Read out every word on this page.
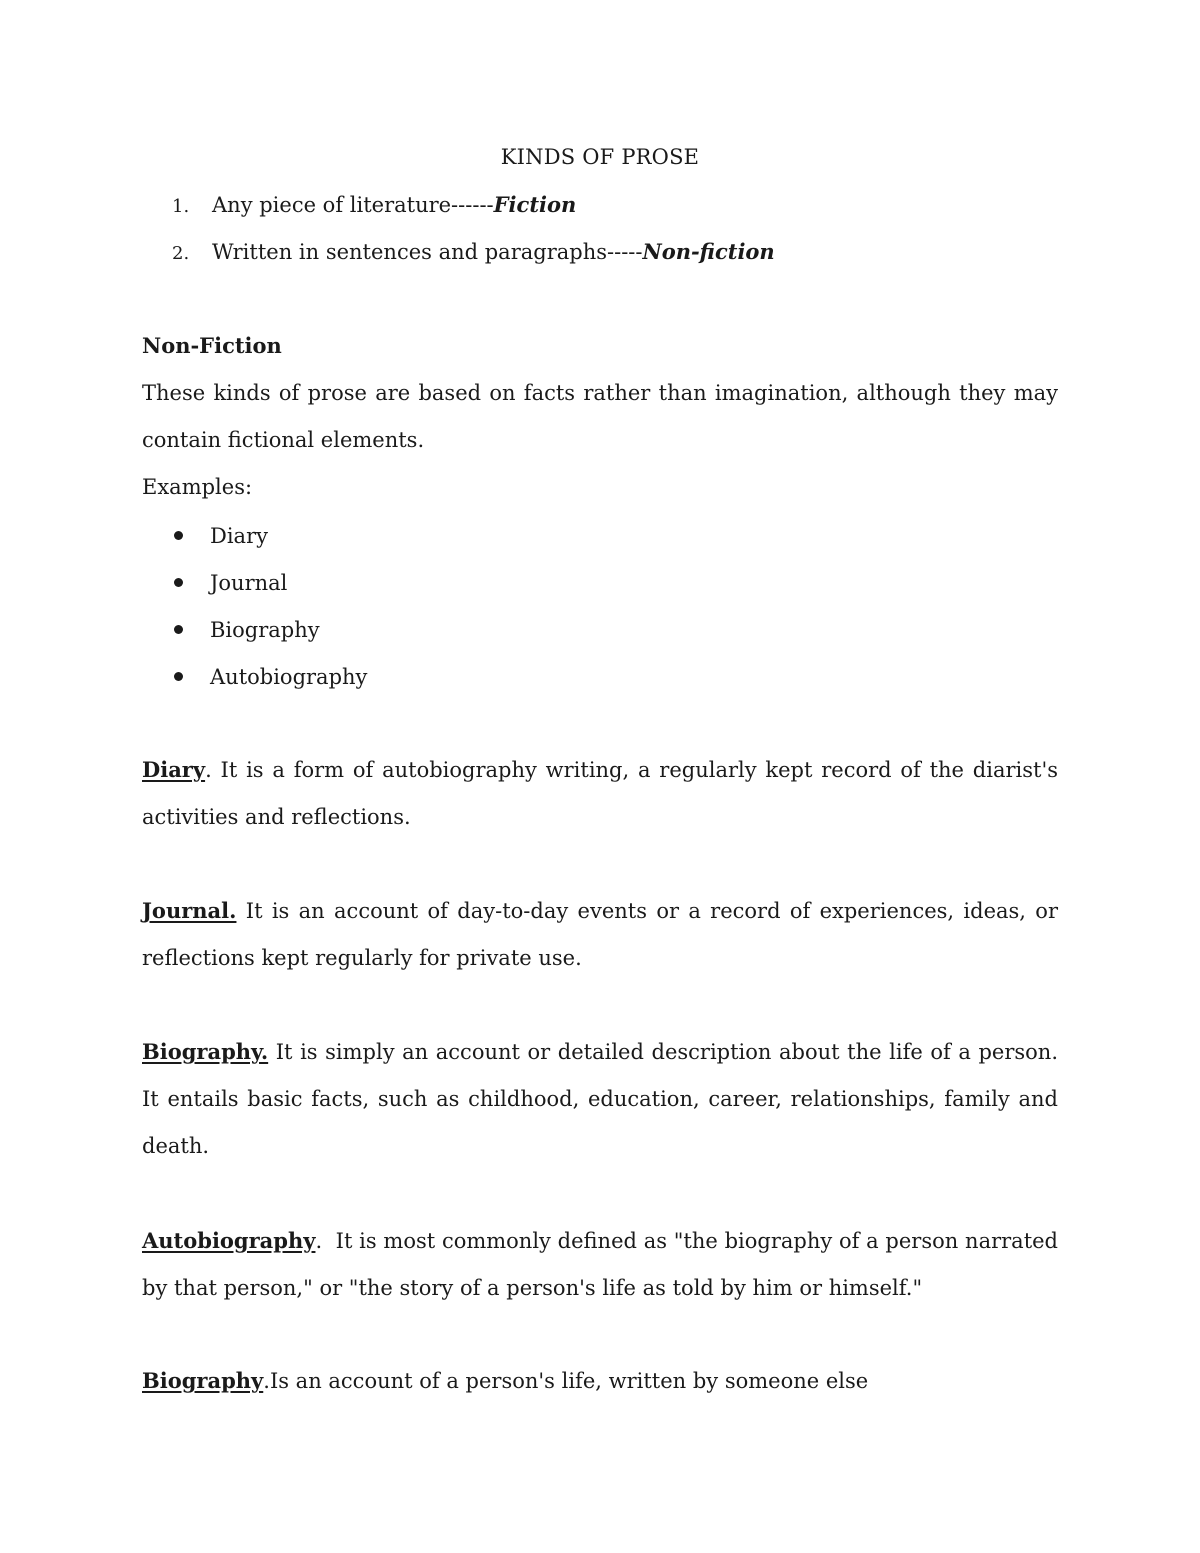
KINDS OF PROSE
1. Any piece of literature------Fiction
2. Written in sentences and paragraphs-----Non-fiction
Non-Fiction

These kinds of prose are based on facts rather than imagination, although they may contain fictional elements.

Examples:

Diary
Journal
Biography
Autobiography

Diary. It is a form of autobiography writing, a regularly kept record of the diarist's activities and reflections.

Journal. It is an account of day-to-day events or a record of experiences, ideas, or reflections kept regularly for private use.

Biography. It is simply an account or detailed description about the life of a person. It entails basic facts, such as childhood, education, career, relationships, family and death.

Autobiography.  It is most commonly defined as "the biography of a person narrated by that person," or "the story of a person's life as told by him or himself."

Biography.Is an account of a person's life, written by someone else
